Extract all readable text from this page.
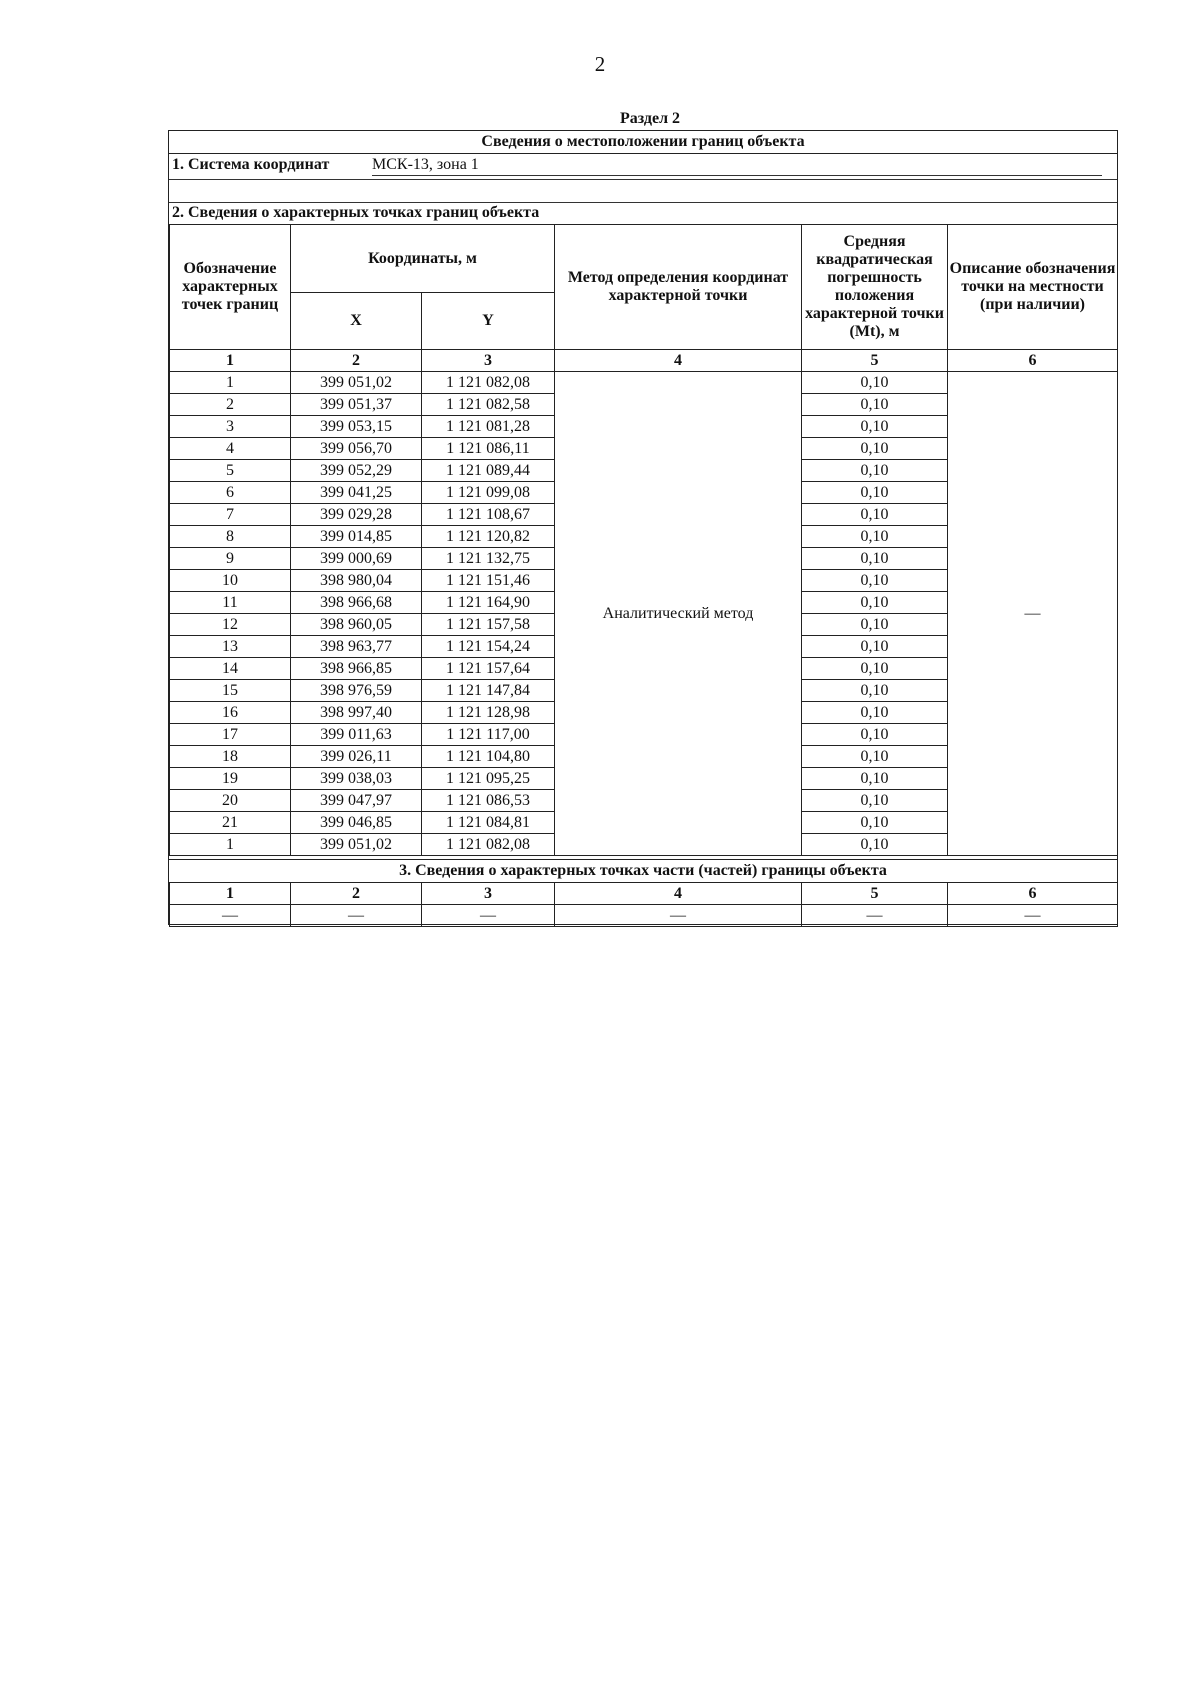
2
Раздел 2
Сведения о местоположении границ объекта
1. Система координат	МСК-13, зона 1
2. Сведения о характерных точках границ объекта
Обозначение характерных точек границ	Координаты, м		Метод определения координат характерной точки	Средняя квадратическая погрешность положения характерной точки (Mt), м	Описание обозначения точки на местности (при наличии)
	X	Y			
1	2	3	4	5	6
1	399 051,02	1 121 082,08	Аналитический метод	0,10	—
2	399 051,37	1 121 082,58		0,10	
3	399 053,15	1 121 081,28		0,10	
4	399 056,70	1 121 086,11		0,10	
5	399 052,29	1 121 089,44		0,10	
6	399 041,25	1 121 099,08		0,10	
7	399 029,28	1 121 108,67		0,10	
8	399 014,85	1 121 120,82		0,10	
9	399 000,69	1 121 132,75		0,10	
10	398 980,04	1 121 151,46		0,10	
11	398 966,68	1 121 164,90		0,10	
12	398 960,05	1 121 157,58		0,10	
13	398 963,77	1 121 154,24		0,10	
14	398 966,85	1 121 157,64		0,10	
15	398 976,59	1 121 147,84		0,10	
16	398 997,40	1 121 128,98		0,10	
17	399 011,63	1 121 117,00		0,10	
18	399 026,11	1 121 104,80		0,10	
19	399 038,03	1 121 095,25		0,10	
20	399 047,97	1 121 086,53		0,10	
21	399 046,85	1 121 084,81		0,10	
1	399 051,02	1 121 082,08		0,10	
3. Сведения о характерных точках части (частей) границы объекта
1	2	3	4	5	6
—	—	—	—	—	—
